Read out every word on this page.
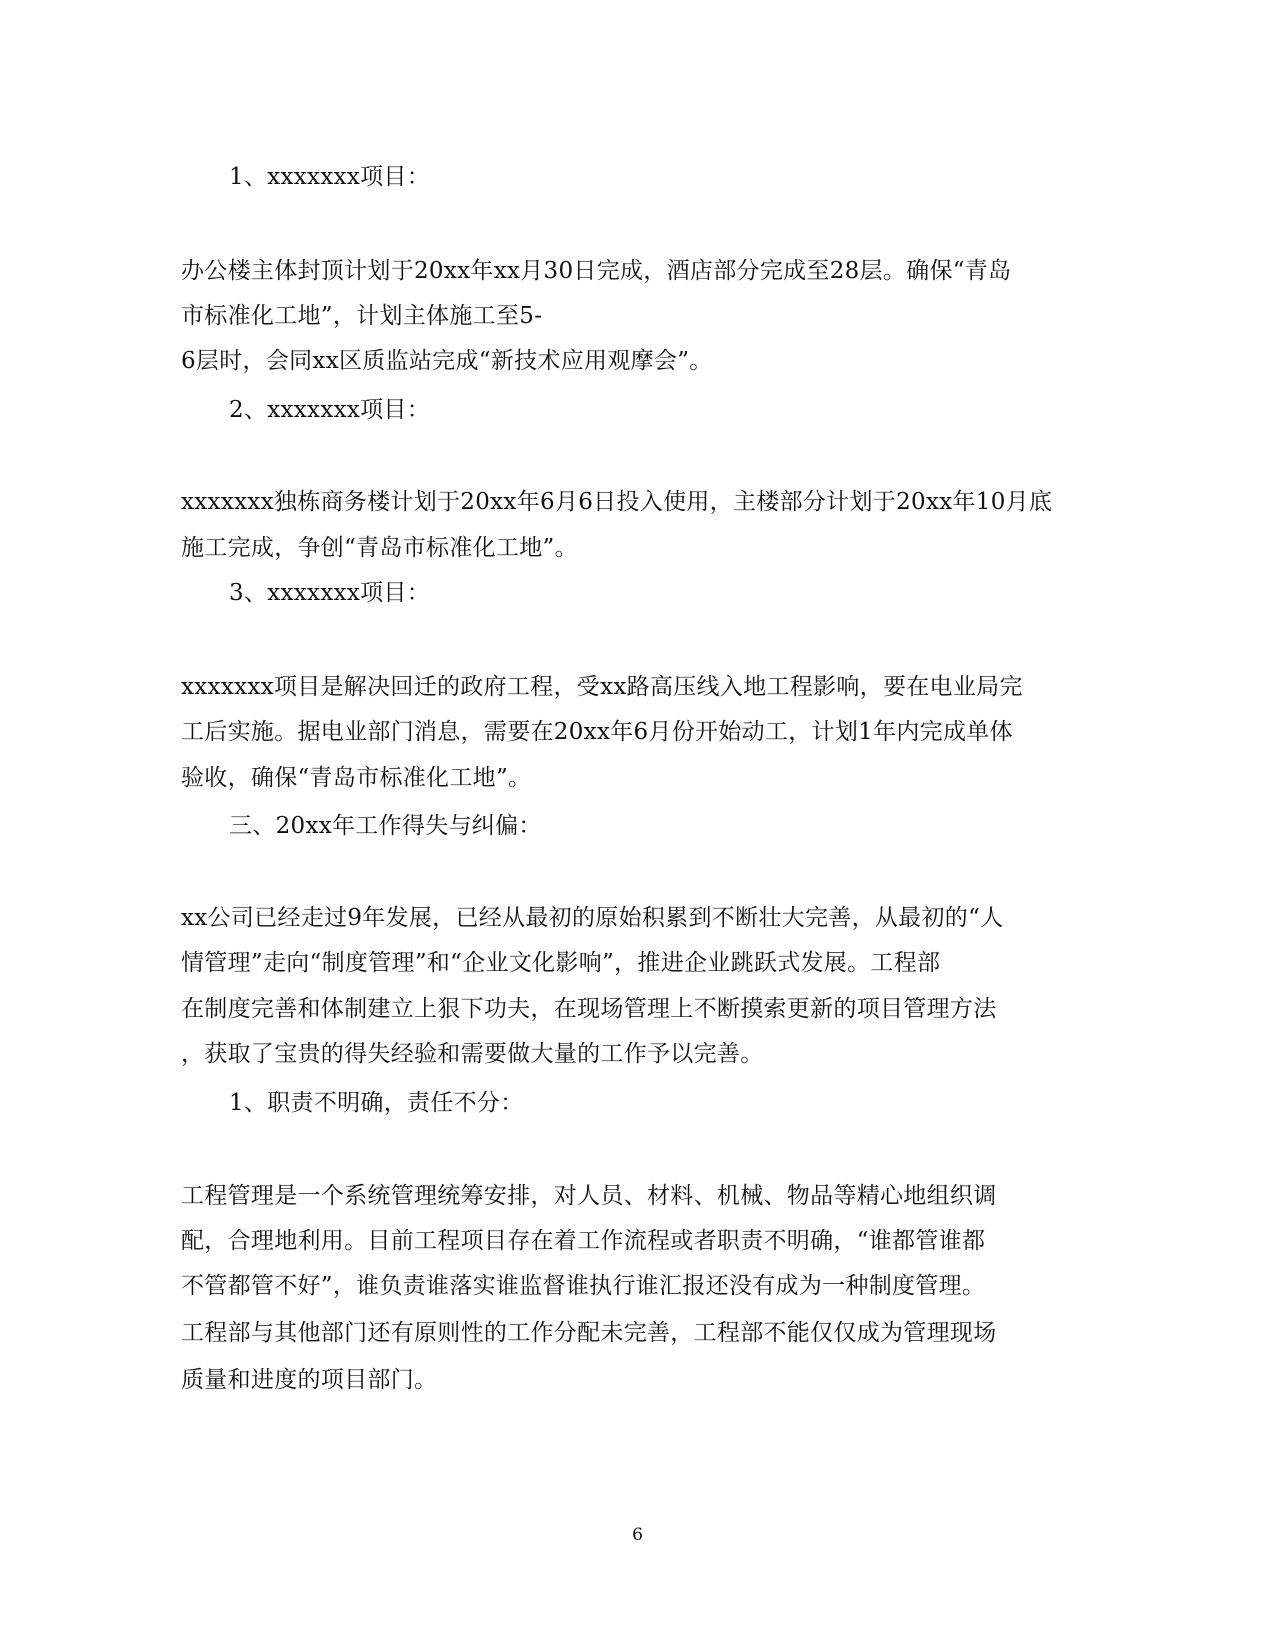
1、xxxxxxx项目：
办公楼主体封顶计划于20xx年xx月30日完成，酒店部分完成至28层。确保“青岛
市标准化工地”，计划主体施工至5-
6层时，会同xx区质监站完成“新技术应用观摩会”。
2、xxxxxxx项目：
xxxxxxx独栋商务楼计划于20xx年6月6日投入使用，主楼部分计划于20xx年10月底
施工完成，争创“青岛市标准化工地”。
3、xxxxxxx项目：
xxxxxxx项目是解决回迁的政府工程，受xx路高压线入地工程影响，要在电业局完
工后实施。据电业部门消息，需要在20xx年6月份开始动工，计划1年内完成单体
验收，确保“青岛市标准化工地”。
三、20xx年工作得失与纠偏：
xx公司已经走过9年发展，已经从最初的原始积累到不断壮大完善，从最初的“人
情管理”走向“制度管理”和“企业文化影响”，推进企业跳跃式发展。工程部
在制度完善和体制建立上狠下功夫，在现场管理上不断摸索更新的项目管理方法
，获取了宝贵的得失经验和需要做大量的工作予以完善。
1、职责不明确，责任不分：
工程管理是一个系统管理统筹安排，对人员、材料、机械、物品等精心地组织调
配，合理地利用。目前工程项目存在着工作流程或者职责不明确，“谁都管谁都
不管都管不好”，谁负责谁落实谁监督谁执行谁汇报还没有成为一种制度管理。
工程部与其他部门还有原则性的工作分配未完善，工程部不能仅仅成为管理现场
质量和进度的项目部门。
6
